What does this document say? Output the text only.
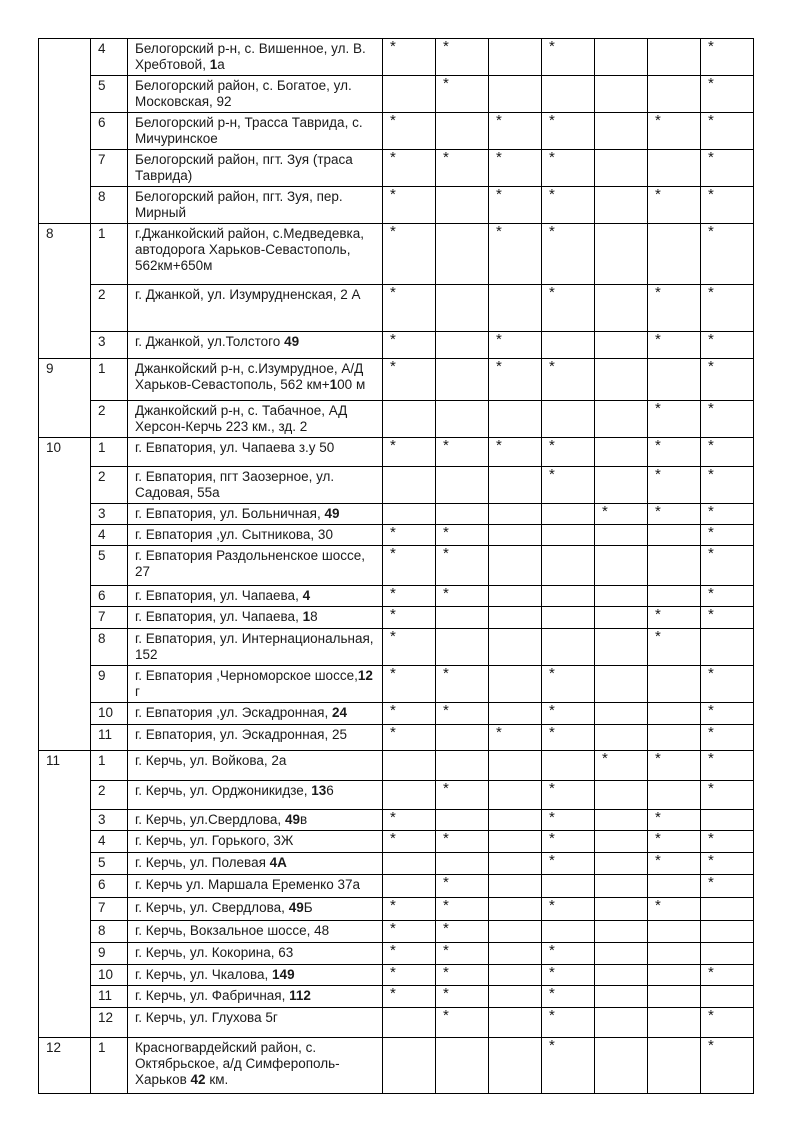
	4	Белогорский р-н, с. Вишенное, ул. В. Хребтовой, 1а	*	*		*			*
	5	Белогорский район, с. Богатое, ул. Московская, 92		*					*
	6	Белогорский р-н, Трасса Таврида, с. Мичуринское	*		*	*		*	*
	7	Белогорский район, пгт. Зуя (траса Таврида)	*	*	*	*			*
	8	Белогорский район, пгт. Зуя, пер. Мирный	*		*	*		*	*
8	1	г.Джанкойский район, с.Медведевка, автодорога Харьков-Севастополь, 562км+650м	*		*	*			*
	2	г. Джанкой, ул. Изумрудненская, 2 А	*			*		*	*
	3	г. Джанкой, ул.Толстого 49	*		*			*	*
9	1	Джанкойский р-н, с.Изумрудное, А/Д Харьков-Севастополь, 562 км+100 м	*		*	*			*
	2	Джанкойский р-н, с. Табачное, АД Херсон-Керчь 223 км., зд. 2						*	*
10	1	г. Евпатория, ул. Чапаева з.у 50	*	*	*	*		*	*
	2	г. Евпатория, пгт Заозерное, ул. Садовая, 55а				*		*	*
	3	г. Евпатория, ул. Больничная, 49					*	*	*
	4	г. Евпатория ,ул. Сытникова, 30	*	*					*
	5	г. Евпатория Раздольненское шоссе, 27	*	*					*
	6	г. Евпатория, ул. Чапаева, 4	*	*					*
	7	г. Евпатория, ул. Чапаева, 18	*					*	*
	8	г. Евпатория, ул. Интернациональная, 152	*					*	
	9	г. Евпатория ,Черноморское шоссе,12 г	*	*		*			*
	10	г. Евпатория ,ул. Эскадронная, 24	*	*		*			*
	11	г. Евпатория, ул. Эскадронная, 25	*		*	*			*
11	1	г. Керчь, ул. Войкова, 2а					*	*	*
	2	г. Керчь, ул. Орджоникидзе, 136		*		*			*
	3	г. Керчь, ул.Свердлова, 49в	*			*		*	
	4	г. Керчь, ул. Горького, 3Ж	*	*		*		*	*
	5	г. Керчь, ул. Полевая 4А				*		*	*
	6	г. Керчь ул. Маршала Еременко 37а		*					*
	7	г. Керчь, ул. Свердлова, 49Б	*	*		*		*	
	8	г. Керчь, Вокзальное шоссе, 48	*	*					
	9	г. Керчь, ул. Кокорина, 63	*	*		*			
	10	г. Керчь, ул. Чкалова, 149	*	*		*			*
	11	г. Керчь, ул. Фабричная, 112	*	*		*			
	12	г. Керчь, ул. Глухова 5г		*		*			*
12	1	Красногвардейский район, с. Октябрьское, а/д Симферополь-Харьков 42 км.				*			*
